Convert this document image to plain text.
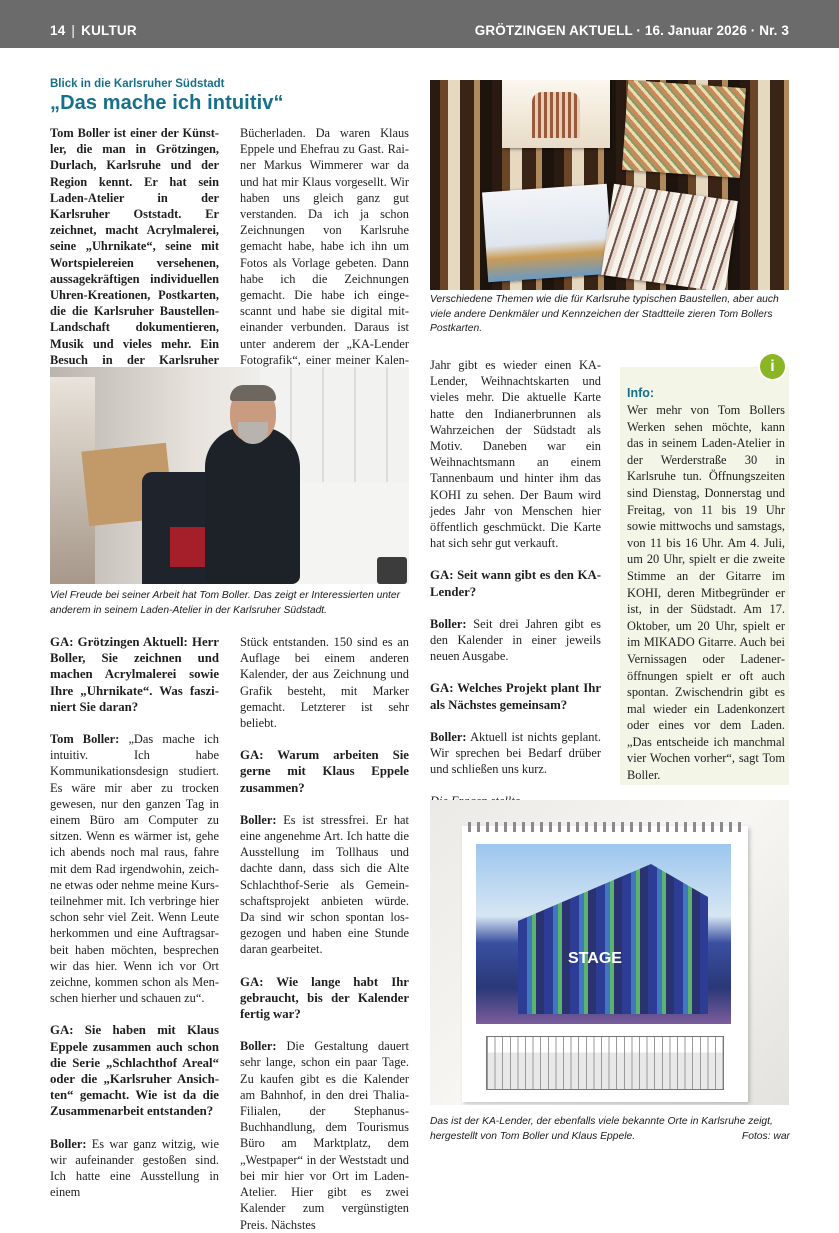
14 | KULTUR	GRÖTZINGEN AKTUELL · 16. Januar 2026 · Nr. 3
Blick in die Karlsruher Südstadt
„Das mache ich intuitiv“

Tom Boller ist einer der Künstler, die man in Grötzingen, Durlach, Karlsruhe und der Region kennt. Er hat sein Laden-Atelier in der Karlsruher Oststadt. Er zeichnet, macht Acrylmalerei, seine „Uhrnikate“, seine mit Wortspielereien versehenen, aussagekräftigen individuellen Uhren-Kreationen, Postkarten, die die Karlsruher Baustellen-Landschaft dokumentieren, Musik und vieles mehr. Ein Besuch in der Karlsruher

Bücherladen. Da waren Klaus Eppele und Ehefrau zu Gast. Rainer Markus Wimmerer war da und hat mir Klaus vorgesellt. Wir haben uns gleich ganz gut verstanden. Da ich ja schon Zeichnungen von Karlsruhe gemacht habe, habe ich ihn um Fotos als Vorlage gebeten. Dann habe ich die Zeichnungen gemacht. Die habe ich eingescannt und habe sie digital miteinander verbunden. Daraus ist unter anderem der „KA-Lender Fotografik“, einer meiner Kalen

Verschiedene Themen wie die für Karlsruhe typischen Baustellen, aber auch viele andere Denkmäler und Kennzeichen der Stadtteile zieren Tom Bollers Postkarten.
Viel Freude bei seiner Arbeit hat Tom Boller. Das zeigt er Interessierten unter anderem in seinem Laden-Atelier in der Karlsruher Südstadt.

GA: Grötzingen Aktuell: Herr Boller, Sie zeichnen und machen Acrylmalerei sowie Ihre „Uhrnikate“. Was fasziniert Sie daran?

Tom Boller: „Das mache ich intuitiv. Ich habe Kommunikationsdesign studiert. Es wäre mir aber zu trocken gewesen, nur den ganzen Tag in einem Büro am Computer zu sitzen. Wenn es wärmer ist, gehe ich abends noch mal raus, fahre mit dem Rad irgendwohin, zeichne etwas oder nehme meine Kursteilnehmer mit. Ich verbringe hier schon sehr viel Zeit. Wenn Leute herkommen und eine Auftragsarbeit haben möchten, besprechen wir das hier. Wenn ich vor Ort zeichne, kommen schon als Menschen hierher und schauen zu“.

GA: Sie haben mit Klaus Eppele zusammen auch schon die Serie „Schlachthof Areal“ oder die „Karlsruher Ansichten“ gemacht. Wie ist da die Zusammenarbeit entstanden?

Boller: Es war ganz witzig, wie wir aufeinander gestoßen sind. Ich hatte eine Ausstellung in einem

Stück entstanden. 150 sind es an Auflage bei einem anderen Kalender, der aus Zeichnung und Grafik besteht, mit Marker gemacht. Letzterer ist sehr beliebt.

GA: Warum arbeiten Sie gerne mit Klaus Eppele zusammen?

Boller: Es ist stressfrei. Er hat eine angenehme Art. Ich hatte die Ausstellung im Tollhaus und dachte dann, dass sich die Alte Schlachthof-Serie als Gemeinschaftsprojekt anbieten würde. Da sind wir schon spontan losgezogen und haben eine Stunde daran gearbeitet.

GA: Wie lange habt Ihr gebraucht, bis der Kalender fertig war?

Boller: Die Gestaltung dauert sehr lange, schon ein paar Tage. Zu kaufen gibt es die Kalender am Bahnhof, in den drei Thalia-Filialen, der Stephanus-Buchhandlung, dem Tourismus Büro am Marktplatz, dem „Westpaper“ in der Weststadt und bei mir hier vor Ort im Laden-Atelier. Hier gibt es zwei Kalender zum vergünstigten Preis. Nächstes

Jahr gibt es wieder einen KA-Lender, Weihnachtskarten und vieles mehr. Die aktuelle Karte hatte den Indianerbrunnen als Wahrzeichen der Südstadt als Motiv. Daneben war ein Weihnachtsmann an einem Tannenbaum und hinter ihm das KOHI zu sehen. Der Baum wird jedes Jahr von Menschen hier öffentlich geschmückt. Die Karte hat sich sehr gut verkauft.

GA: Seit wann gibt es den KA-Lender?

Boller: Seit drei Jahren gibt es den Kalender in einer jeweils neuen Ausgabe.

GA: Welches Projekt plant Ihr als Nächstes gemeinsam?

Boller: Aktuell ist nichts geplant. Wir sprechen bei Bedarf drüber und schließen uns kurz.

i
Info:
Wer mehr von Tom Bollers Werken sehen möchte, kann das in seinem Laden-Atelier in der Werderstraße 30 in Karlsruhe tun. Öffnungszeiten sind Dienstag, Donnerstag und Freitag, von 11 bis 19 Uhr sowie mittwochs und samstags, von 11 bis 16 Uhr. Am 4. Juli, um 20 Uhr, spielt er die zweite Stimme an der Gitarre im KOHI, deren Mitbegründer er ist, in der Südstadt. Am 17. Oktober, um 20 Uhr, spielt er im MIKADO Gitarre. Auch bei Vernissagen oder Ladeneröffnungen spielt er oft auch spontan. Zwischendrin gibt es mal wieder ein Ladenkonzert oder eines vor dem Laden. „Das entscheide ich manchmal vier Wochen vorher“, sagt Tom Boller.
STAGE
Das ist der KA-Lender, der ebenfalls viele bekannte Orte in Karlsruhe zeigt, hergestellt von Tom Boller und Klaus Eppele.	Fotos: war
